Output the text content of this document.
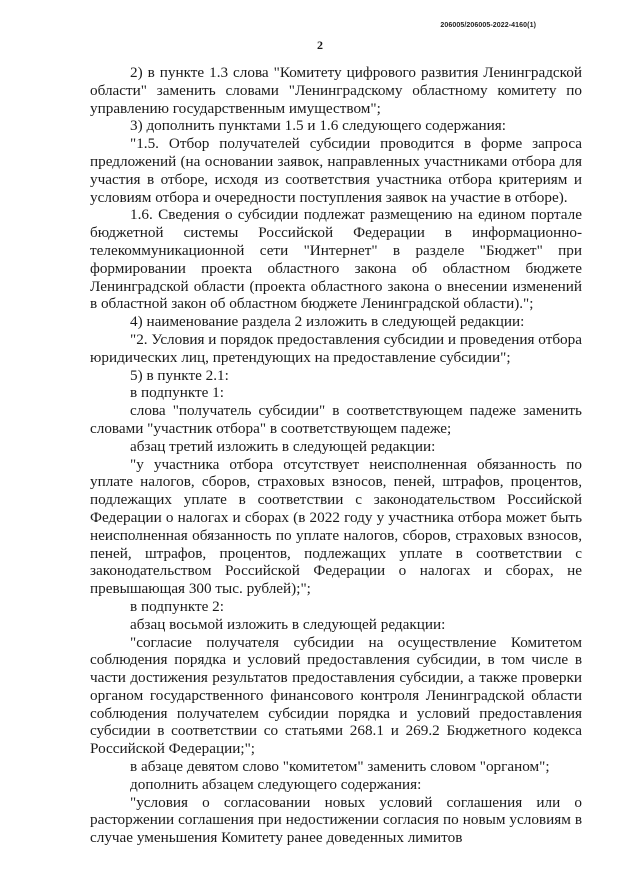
206005/206005-2022-4160(1)
2

2) в пункте 1.3 слова "Комитету цифрового развития Ленинградской области" заменить словами "Ленинградскому областному комитету по управлению государственным имуществом";

3) дополнить пунктами 1.5 и 1.6 следующего содержания:

"1.5. Отбор получателей субсидии проводится в форме запроса предложений (на основании заявок, направленных участниками отбора для участия в отборе, исходя из соответствия участника отбора критериям и условиям отбора и очередности поступления заявок на участие в отборе).

1.6. Сведения о субсидии подлежат размещению на едином портале бюджетной системы Российской Федерации в информационно-телекоммуникационной сети "Интернет" в разделе "Бюджет" при формировании проекта областного закона об областном бюджете Ленинградской области (проекта областного закона о внесении изменений в областной закон об областном бюджете Ленинградской области).";

4) наименование раздела 2 изложить в следующей редакции:

"2. Условия и порядок предоставления субсидии и проведения отбора юридических лиц, претендующих на предоставление субсидии";

5) в пункте 2.1:

в подпункте 1:

слова "получатель субсидии" в соответствующем падеже заменить словами "участник отбора" в соответствующем падеже;

абзац третий изложить в следующей редакции:

"у участника отбора отсутствует неисполненная обязанность по уплате налогов, сборов, страховых взносов, пеней, штрафов, процентов, подлежащих уплате в соответствии с законодательством Российской Федерации о налогах и сборах (в 2022 году у участника отбора может быть неисполненная обязанность по уплате налогов, сборов, страховых взносов, пеней, штрафов, процентов, подлежащих уплате в соответствии с законодательством Российской Федерации о налогах и сборах, не превышающая 300 тыс. рублей);";

в подпункте 2:

абзац восьмой изложить в следующей редакции:

"согласие получателя субсидии на осуществление Комитетом соблюдения порядка и условий предоставления субсидии, в том числе в части достижения результатов предоставления субсидии, а также проверки органом государственного финансового контроля Ленинградской области соблюдения получателем субсидии порядка и условий предоставления субсидии в соответствии со статьями 268.1 и 269.2 Бюджетного кодекса Российской Федерации;";

в абзаце девятом слово "комитетом" заменить словом "органом";

дополнить абзацем следующего содержания:

"условия о согласовании новых условий соглашения или о расторжении соглашения при недостижении согласия по новым условиям в случае уменьшения Комитету ранее доведенных лимитов
